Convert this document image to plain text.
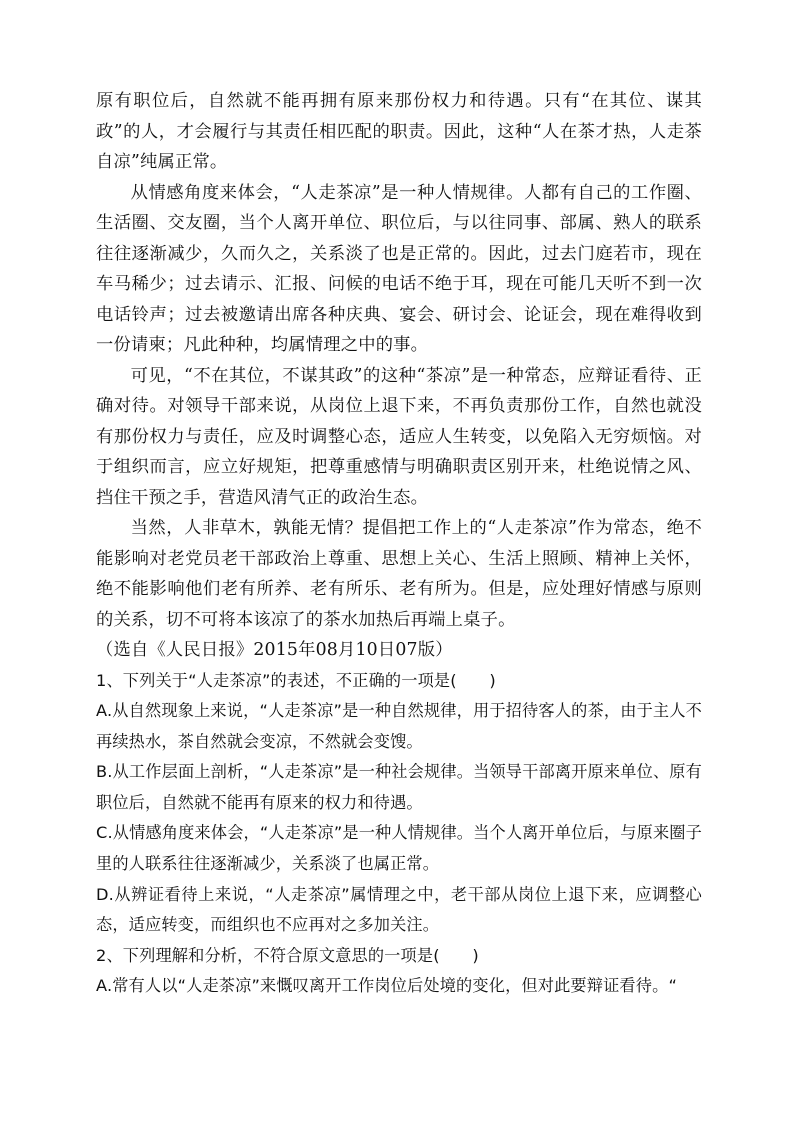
原有职位后，自然就不能再拥有原来那份权力和待遇。只有“在其位、谋其政”的人，才会履行与其责任相匹配的职责。因此，这种“人在茶才热，人走茶自凉”纯属正常。

从情感角度来体会，“人走茶凉”是一种人情规律。人都有自己的工作圈、生活圈、交友圈，当个人离开单位、职位后，与以往同事、部属、熟人的联系往往逐渐减少，久而久之，关系淡了也是正常的。因此，过去门庭若市，现在车马稀少；过去请示、汇报、问候的电话不绝于耳，现在可能几天听不到一次电话铃声；过去被邀请出席各种庆典、宴会、研讨会、论证会，现在难得收到一份请柬；凡此种种，均属情理之中的事。

可见，“不在其位，不谋其政”的这种“茶凉”是一种常态，应辩证看待、正确对待。对领导干部来说，从岗位上退下来，不再负责那份工作，自然也就没有那份权力与责任，应及时调整心态，适应人生转变，以免陷入无穷烦恼。对于组织而言，应立好规矩，把尊重感情与明确职责区别开来，杜绝说情之风、挡住干预之手，营造风清气正的政治生态。

当然，人非草木，孰能无情？提倡把工作上的“人走茶凉”作为常态，绝不能影响对老党员老干部政治上尊重、思想上关心、生活上照顾、精神上关怀，绝不能影响他们老有所养、老有所乐、老有所为。但是，应处理好情感与原则的关系，切不可将本该凉了的茶水加热后再端上桌子。

（选自《人民日报》2015年08月10日07版）

1、下列关于“人走茶凉”的表述，不正确的一项是(　　)

A.从自然现象上来说，“人走茶凉”是一种自然规律，用于招待客人的茶，由于主人不再续热水，茶自然就会变凉，不然就会变馊。

B.从工作层面上剖析，“人走茶凉”是一种社会规律。当领导干部离开原来单位、原有职位后，自然就不能再有原来的权力和待遇。

C.从情感角度来体会，“人走茶凉”是一种人情规律。当个人离开单位后，与原来圈子里的人联系往往逐渐减少，关系淡了也属正常。

D.从辨证看待上来说，“人走茶凉”属情理之中，老干部从岗位上退下来，应调整心态，适应转变，而组织也不应再对之多加关注。

2、下列理解和分析，不符合原文意思的一项是(　　)

A.常有人以“人走茶凉”来慨叹离开工作岗位后处境的变化，但对此要辩证看待。“
